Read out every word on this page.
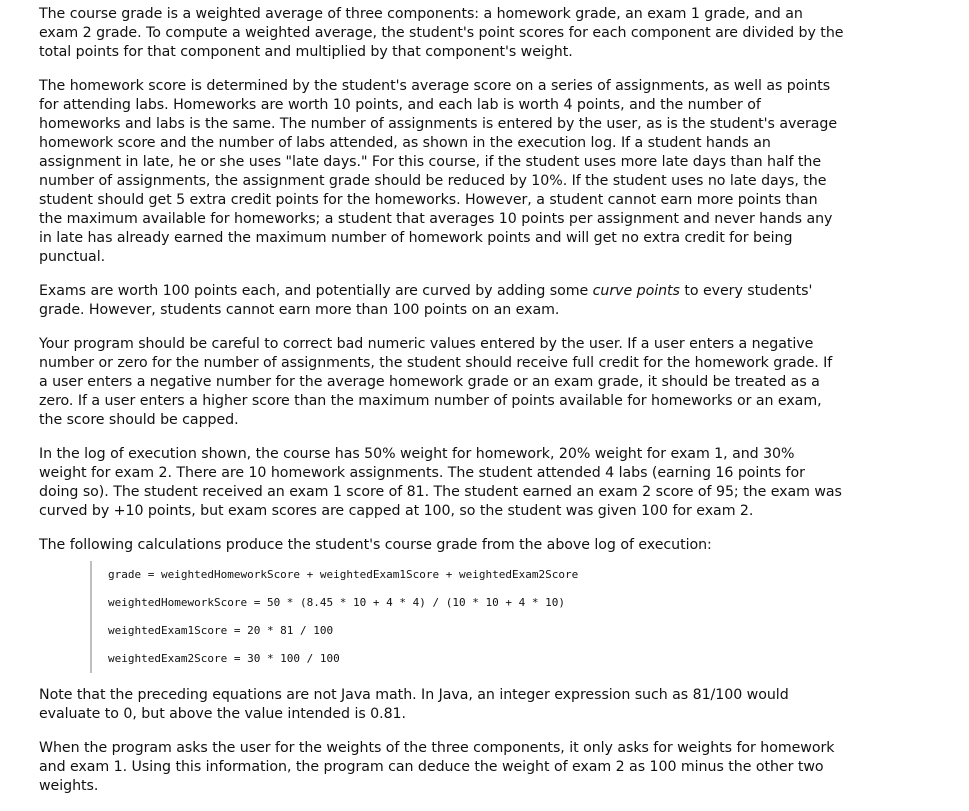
The course grade is a weighted average of three components: a homework grade, an exam 1 grade, and an exam 2 grade. To compute a weighted average, the student's point scores for each component are divided by the total points for that component and multiplied by that component's weight.

The homework score is determined by the student's average score on a series of assignments, as well as points for attending labs. Homeworks are worth 10 points, and each lab is worth 4 points, and the number of homeworks and labs is the same. The number of assignments is entered by the user, as is the student's average homework score and the number of labs attended, as shown in the execution log. If a student hands an assignment in late, he or she uses "late days." For this course, if the student uses more late days than half the number of assignments, the assignment grade should be reduced by 10%. If the student uses no late days, the student should get 5 extra credit points for the homeworks. However, a student cannot earn more points than the maximum available for homeworks; a student that averages 10 points per assignment and never hands any in late has already earned the maximum number of homework points and will get no extra credit for being punctual.

Exams are worth 100 points each, and potentially are curved by adding some curve points to every students' grade. However, students cannot earn more than 100 points on an exam.

Your program should be careful to correct bad numeric values entered by the user. If a user enters a negative number or zero for the number of assignments, the student should receive full credit for the homework grade. If a user enters a negative number for the average homework grade or an exam grade, it should be treated as a zero. If a user enters a higher score than the maximum number of points available for homeworks or an exam, the score should be capped.

In the log of execution shown, the course has 50% weight for homework, 20% weight for exam 1, and 30% weight for exam 2. There are 10 homework assignments. The student attended 4 labs (earning 16 points for doing so). The student received an exam 1 score of 81. The student earned an exam 2 score of 95; the exam was curved by +10 points, but exam scores are capped at 100, so the student was given 100 for exam 2.

The following calculations produce the student's course grade from the above log of execution:

grade = weightedHomeworkScore + weightedExam1Score + weightedExam2Score
weightedHomeworkScore = 50 * (8.45 * 10 + 4 * 4) / (10 * 10 + 4 * 10)
weightedExam1Score = 20 * 81 / 100
weightedExam2Score = 30 * 100 / 100

Note that the preceding equations are not Java math. In Java, an integer expression such as 81/100 would evaluate to 0, but above the value intended is 0.81.

When the program asks the user for the weights of the three components, it only asks for weights for homework and exam 1. Using this information, the program can deduce the weight of exam 2 as 100 minus the other two weights.
